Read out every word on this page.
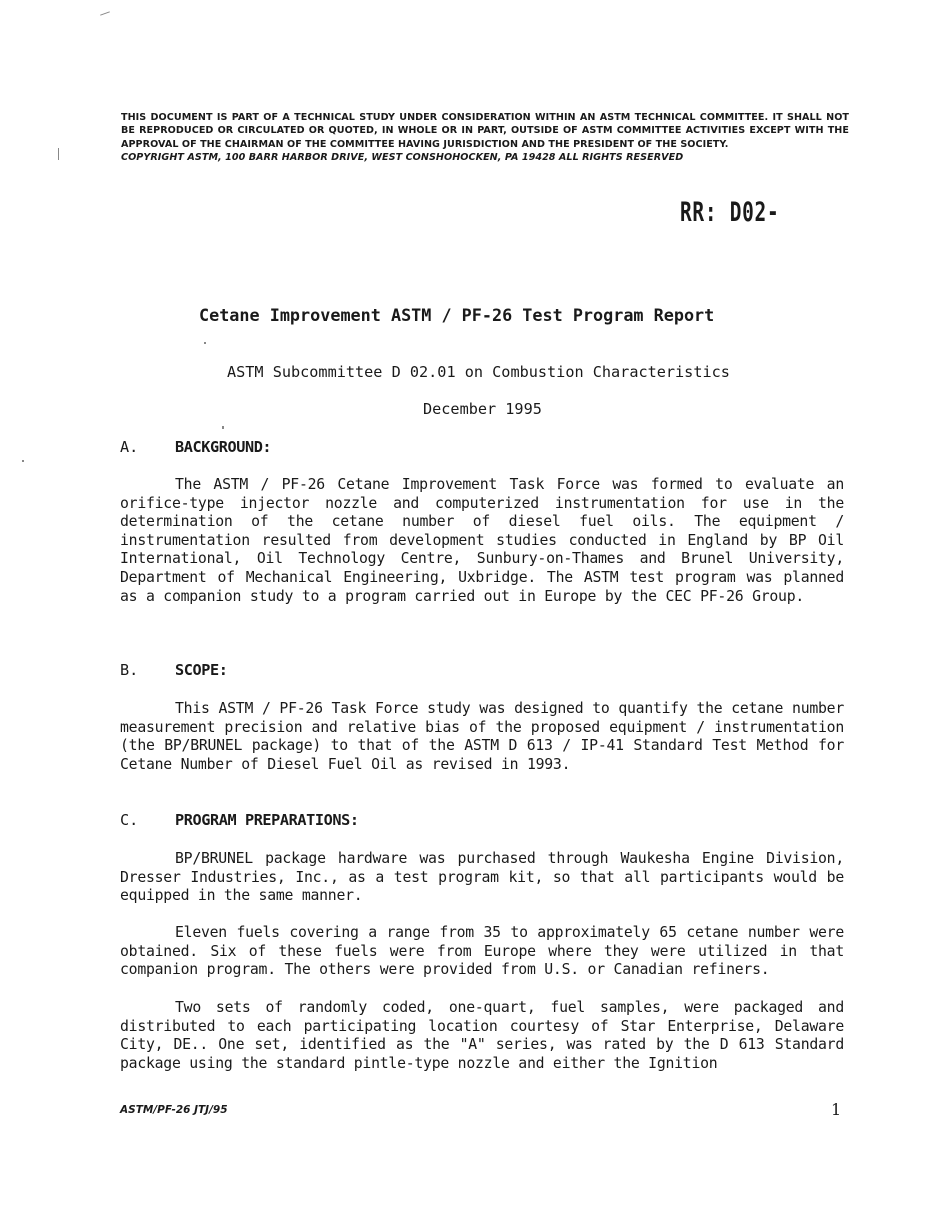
THIS DOCUMENT IS PART OF A TECHNICAL STUDY UNDER CONSIDERATION WITHIN AN ASTM TECHNICAL COMMITTEE. IT SHALL NOT BE REPRODUCED OR CIRCULATED OR QUOTED, IN WHOLE OR IN PART, OUTSIDE OF ASTM COMMITTEE ACTIVITIES EXCEPT WITH THE APPROVAL OF THE CHAIRMAN OF THE COMMITTEE HAVING JURISDICTION AND THE PRESIDENT OF THE SOCIETY.
COPYRIGHT ASTM, 100 BARR HARBOR DRIVE, WEST CONSHOHOCKEN, PA 19428 ALL RIGHTS RESERVED
RR: D02-
Cetane Improvement ASTM / PF-26 Test Program Report
ASTM Subcommittee D 02.01 on Combustion Characteristics
December 1995
A. BACKGROUND:

The ASTM / PF-26 Cetane Improvement Task Force was formed to evaluate an orifice-type injector nozzle and computerized instrumentation for use in the determination of the cetane number of diesel fuel oils. The equipment / instrumentation resulted from development studies conducted in England by BP Oil International, Oil Technology Centre, Sunbury-on-Thames and Brunel University, Department of Mechanical Engineering, Uxbridge. The ASTM test program was planned as a companion study to a program carried out in Europe by the CEC PF-26 Group.

B. SCOPE:

This ASTM / PF-26 Task Force study was designed to quantify the cetane number measurement precision and relative bias of the proposed equipment / instrumentation (the BP/BRUNEL package) to that of the ASTM D 613 / IP-41 Standard Test Method for Cetane Number of Diesel Fuel Oil as revised in 1993.

C. PROGRAM PREPARATIONS:

BP/BRUNEL package hardware was purchased through Waukesha Engine Division, Dresser Industries, Inc., as a test program kit, so that all participants would be equipped in the same manner.

Eleven fuels covering a range from 35 to approximately 65 cetane number were obtained. Six of these fuels were from Europe where they were utilized in that companion program. The others were provided from U.S. or Canadian refiners.

Two sets of randomly coded, one-quart, fuel samples, were packaged and distributed to each participating location courtesy of Star Enterprise, Delaware City, DE.. One set, identified as the "A" series, was rated by the D 613 Standard package using the standard pintle-type nozzle and either the Ignition

ASTM/PF-26 JTJ/95	1
